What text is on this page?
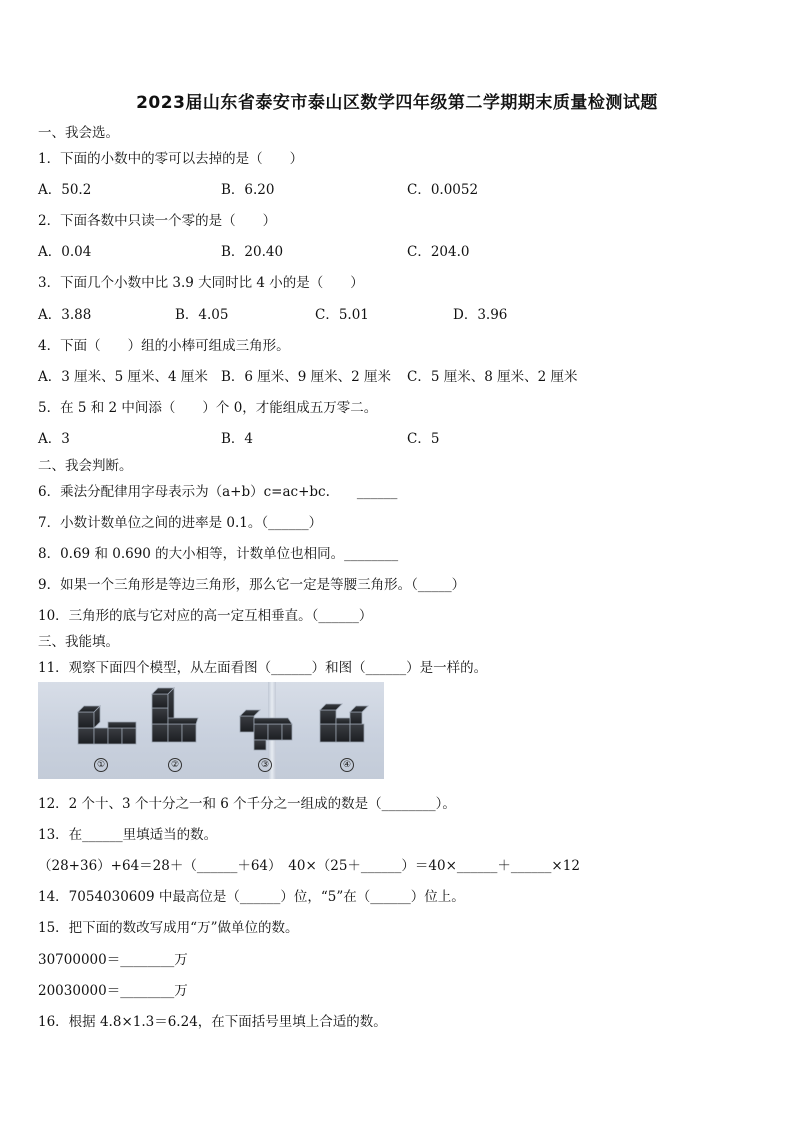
2023届山东省泰安市泰山区数学四年级第二学期期末质量检测试题
一、我会选。
1．下面的小数中的零可以去掉的是（　　）
A．50.2	B．6.20	C．0.0052
2．下面各数中只读一个零的是（　　）
A．0.04	B．20.40	C．204.0
3．下面几个小数中比 3.9 大同时比 4 小的是（　　）
A．3.88	B．4.05	C．5.01	D．3.96
4．下面（　　）组的小棒可组成三角形。
A．3 厘米、5 厘米、4 厘米 B．6 厘米、9 厘米、2 厘米 C．5 厘米、8 厘米、2 厘米
5．在 5 和 2 中间添（　　）个 0，才能组成五万零二。
A．3	B．4	C．5
二、我会判断。
6．乘法分配律用字母表示为（a+b）c=ac+bc.　　______
7．小数计数单位之间的进率是 0.1。（______）
8．0.69 和 0.690 的大小相等，计数单位也相同。________
9．如果一个三角形是等边三角形，那么它一定是等腰三角形。（_____）
10．三角形的底与它对应的高一定互相垂直。（______）
三、我能填。
11．观察下面四个模型，从左面看图（______）和图（______）是一样的。
①	②	③	④
12．2 个十、3 个十分之一和 6 个千分之一组成的数是（________）。
13．在______里填适当的数。
（28+36）+64＝28＋（______＋64）　40×（25＋______）＝40×______＋______×12
14．7054030609 中最高位是（______）位，“5”在（______）位上。
15．把下面的数改写成用“万”做单位的数。
30700000＝________万
20030000＝________万
16．根据 4.8×1.3＝6.24，在下面括号里填上合适的数。
